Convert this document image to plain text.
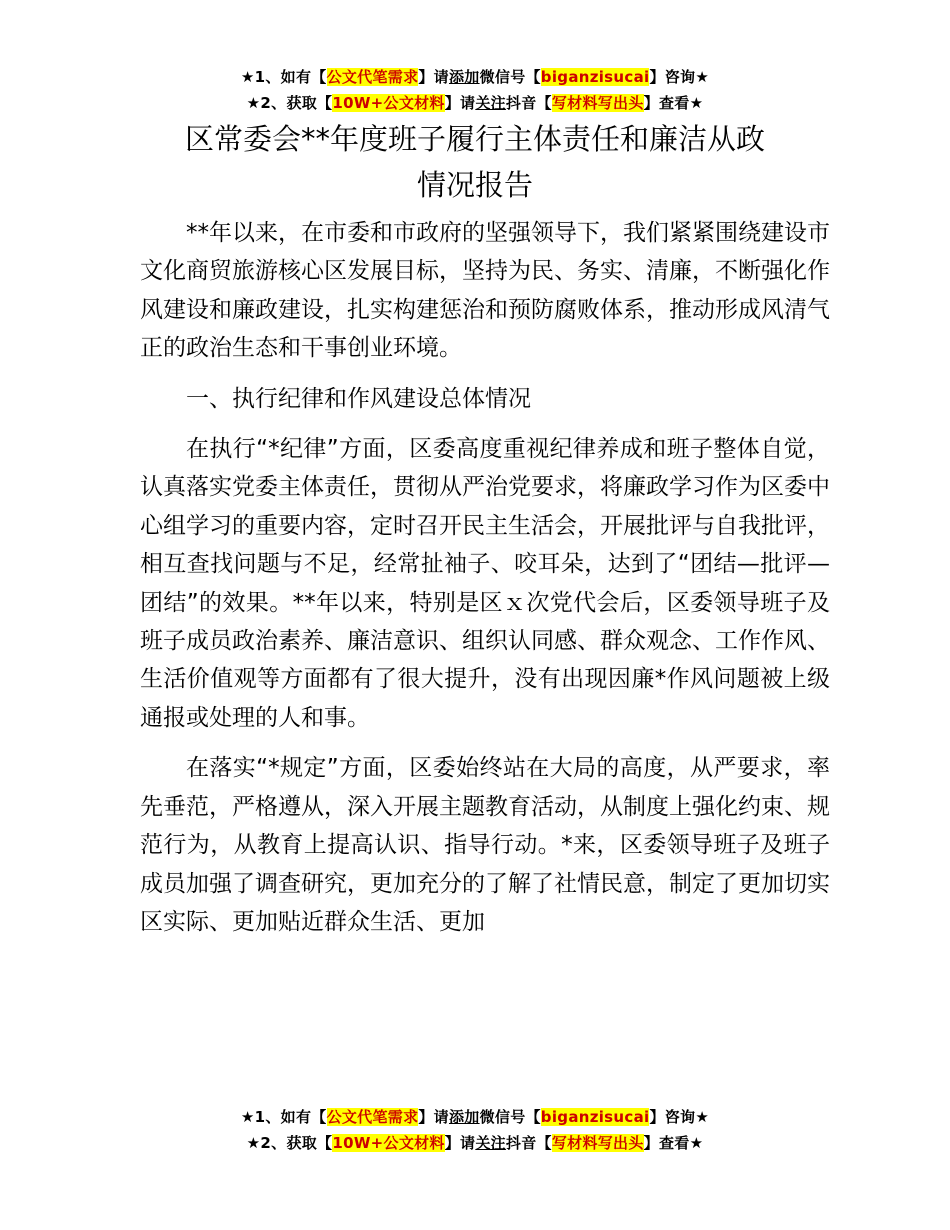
★1、如有【公文代笔需求】请添加微信号【biganzisucai】咨询★
★2、获取【10W+公文材料】请关注抖音【写材料写出头】查看★
区常委会**年度班子履行主体责任和廉洁从政
情况报告

**年以来，在市委和市政府的坚强领导下，我们紧紧围绕建设市文化商贸旅游核心区发展目标，坚持为民、务实、清廉，不断强化作风建设和廉政建设，扎实构建惩治和预防腐败体系，推动形成风清气正的政治生态和干事创业环境。

一、执行纪律和作风建设总体情况

在执行“*纪律”方面，区委高度重视纪律养成和班子整体自觉，认真落实党委主体责任，贯彻从严治党要求，将廉政学习作为区委中心组学习的重要内容，定时召开民主生活会，开展批评与自我批评，相互查找问题与不足，经常扯袖子、咬耳朵，达到了“团结—批评—团结”的效果。**年以来，特别是区ｘ次党代会后，区委领导班子及班子成员政治素养、廉洁意识、组织认同感、群众观念、工作作风、生活价值观等方面都有了很大提升，没有出现因廉*作风问题被上级通报或处理的人和事。

在落实“*规定”方面，区委始终站在大局的高度，从严要求，率先垂范，严格遵从，深入开展主题教育活动，从制度上强化约束、规范行为，从教育上提高认识、指导行动。*来，区委领导班子及班子成员加强了调查研究，更加充分的了解了社情民意，制定了更加切实区实际、更加贴近群众生活、更加

★1、如有【公文代笔需求】请添加微信号【biganzisucai】咨询★
★2、获取【10W+公文材料】请关注抖音【写材料写出头】查看★
